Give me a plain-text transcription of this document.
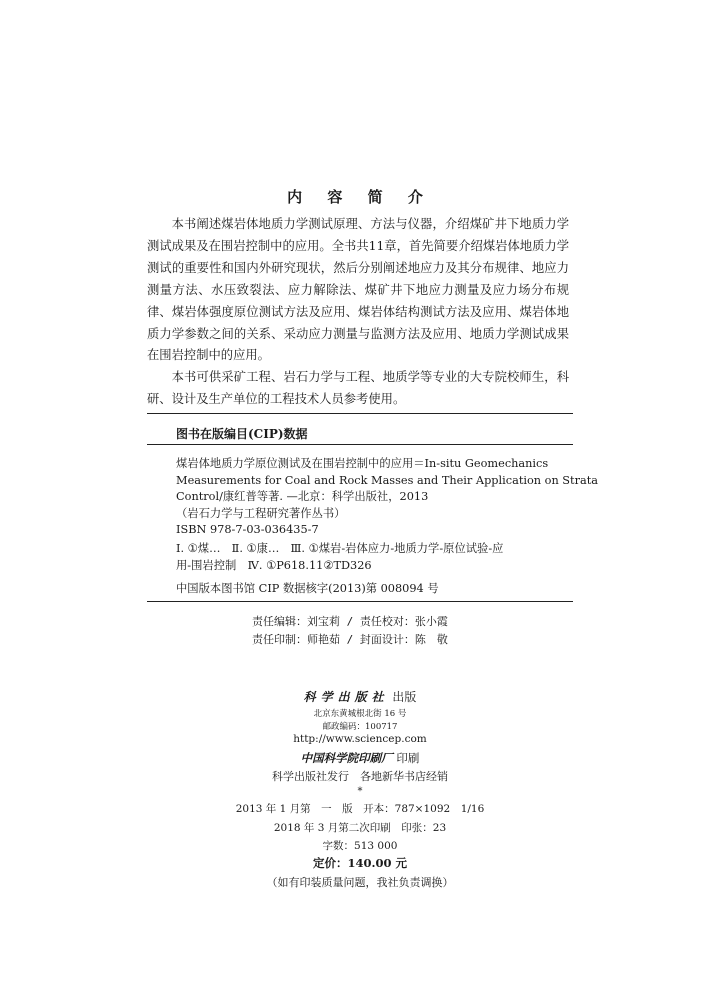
内 容 简 介

本书阐述煤岩体地质力学测试原理、方法与仪器，介绍煤矿井下地质力学测试成果及在围岩控制中的应用。全书共11章，首先简要介绍煤岩体地质力学测试的重要性和国内外研究现状，然后分别阐述地应力及其分布规律、地应力测量方法、水压致裂法、应力解除法、煤矿井下地应力测量及应力场分布规律、煤岩体强度原位测试方法及应用、煤岩体结构测试方法及应用、煤岩体地质力学参数之间的关系、采动应力测量与监测方法及应用、地质力学测试成果在围岩控制中的应用。

本书可供采矿工程、岩石力学与工程、地质学等专业的大专院校师生，科研、设计及生产单位的工程技术人员参考使用。

图书在版编目(CIP)数据
煤岩体地质力学原位测试及在围岩控制中的应用＝In-situ Geomechanics
Measurements for Coal and Rock Masses and Their Application on Strata
Control/康红普等著. —北京：科学出版社，2013
（岩石力学与工程研究著作丛书）
ISBN 978-7-03-036435-7
Ⅰ. ①煤…　Ⅱ. ①康…　Ⅲ. ①煤岩-岩体应力-地质力学-原位试验-应
用-围岩控制　Ⅳ. ①P618.11②TD326
中国版本图书馆 CIP 数据核字(2013)第 008094 号
责任编辑：刘宝莉 / 责任校对：张小霞
责任印制：师艳茹 / 封面设计：陈　敬
科学出版社 出版
北京东黄城根北街 16 号
邮政编码：100717
http://www.sciencep.com
中国科学院印刷厂 印刷
科学出版社发行　各地新华书店经销
*
2013 年 1 月第　一　版　开本：787×1092　1/16
2018 年 3 月第二次印刷　印张：23
字数：513 000
定价：140.00 元
（如有印装质量问题，我社负责调换）
